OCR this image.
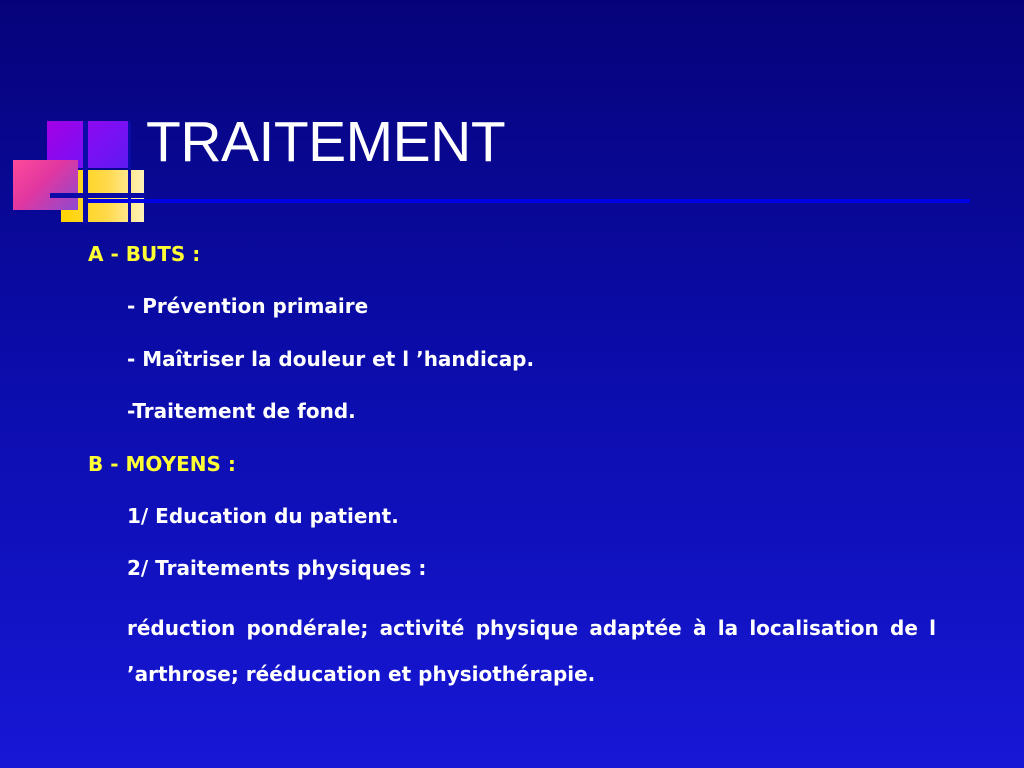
TRAITEMENT
A - BUTS :
- Prévention primaire
- Maîtriser la douleur et l ’handicap.
-Traitement de fond.
B - MOYENS :
1/ Education du patient.
2/ Traitements physiques :
réduction pondérale; activité physique adaptée à la localisation de l ’arthrose; rééducation et physiothérapie.
